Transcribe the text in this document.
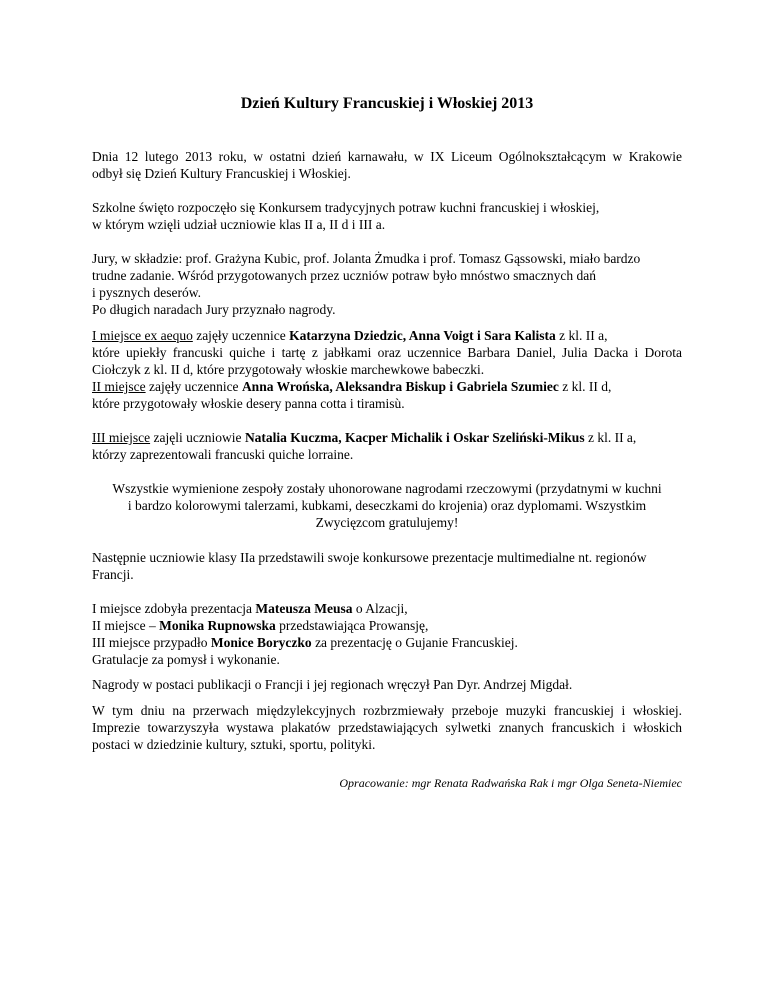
Dzień Kultury Francuskiej i Włoskiej 2013
Dnia 12 lutego 2013 roku, w ostatni dzień karnawału, w IX Liceum Ogólnokształcącym w Krakowie
odbył się Dzień Kultury Francuskiej i Włoskiej.
Szkolne święto rozpoczęło się Konkursem tradycyjnych potraw kuchni francuskiej i włoskiej,
w którym wzięli udział uczniowie klas II a, II d i III a.
Jury, w składzie: prof. Grażyna Kubic, prof. Jolanta Żmudka i prof. Tomasz Gąssowski, miało bardzo
trudne zadanie. Wśród przygotowanych przez uczniów potraw było mnóstwo smacznych dań
i pysznych deserów.
Po długich naradach Jury przyznało nagrody.
I miejsce ex aequo zajęły uczennice Katarzyna Dziedzic, Anna Voigt i Sara Kalista z kl. II a,
które upiekły francuski quiche i tartę z jabłkami oraz uczennice Barbara Daniel, Julia Dacka i Dorota
Ciołczyk z kl. II d, które przygotowały włoskie marchewkowe babeczki.
II miejsce zajęły uczennice Anna Wrońska, Aleksandra Biskup i Gabriela Szumiec z kl. II d,
które przygotowały włoskie desery panna cotta i tiramisù.
III miejsce zajęli uczniowie Natalia Kuczma, Kacper Michalik i Oskar Szeliński-Mikus z kl. II a,
którzy zaprezentowali francuski quiche lorraine.
Wszystkie wymienione zespoły zostały uhonorowane nagrodami rzeczowymi (przydatnymi w kuchni
i bardzo kolorowymi talerzami, kubkami, deseczkami do krojenia) oraz dyplomami. Wszystkim
Zwycięzcom gratulujemy!
Następnie uczniowie klasy IIa przedstawili swoje konkursowe prezentacje multimedialne nt. regionów
Francji.
I miejsce zdobyła prezentacja Mateusza Meusa o Alzacji,
II miejsce – Monika Rupnowska przedstawiająca Prowansję,
III miejsce przypadło Monice Boryczko za prezentację o Gujanie Francuskiej.
Gratulacje za pomysł i wykonanie.
Nagrody w postaci publikacji o Francji i jej regionach wręczył Pan Dyr. Andrzej Migdał.
W tym dniu na przerwach międzylekcyjnych rozbrzmiewały przeboje muzyki francuskiej i włoskiej.
Imprezie towarzyszyła wystawa plakatów przedstawiających sylwetki znanych francuskich i włoskich
postaci w dziedzinie kultury, sztuki, sportu, polityki.
Opracowanie: mgr Renata Radwańska Rak i mgr Olga Seneta-Niemiec
